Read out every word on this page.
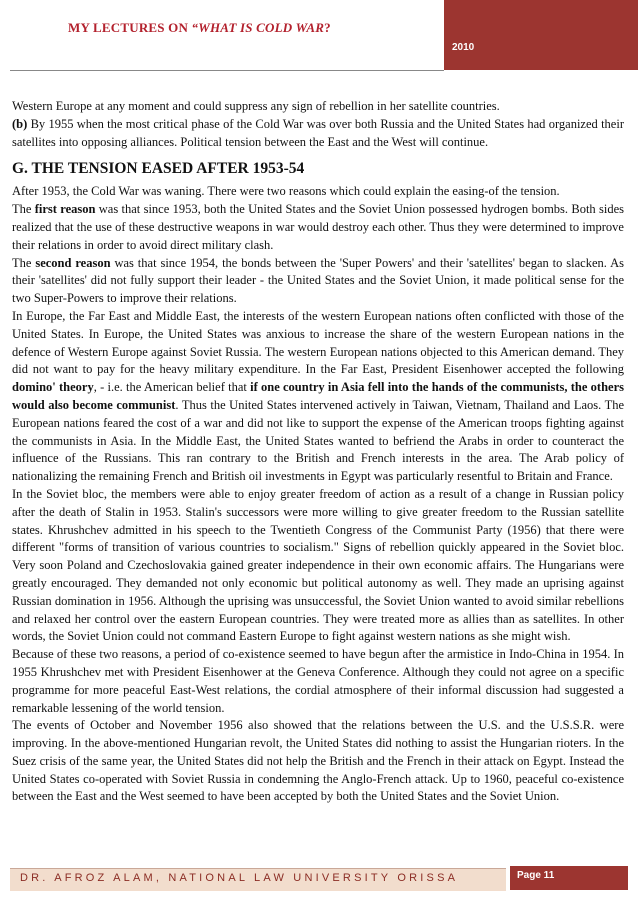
MY LECTURES ON “WHAT IS COLD WAR?
2010

Western Europe at any moment and could suppress any sign of rebellion in her satellite countries.

(b) By 1955 when the most critical phase of the Cold War was over both Russia and the United States had organized their satellites into opposing alliances. Political tension between the East and the West will continue.

G. THE TENSION EASED AFTER 1953-54

After 1953, the Cold War was waning. There were two reasons which could explain the easing-of the tension.

The first reason was that since 1953, both the United States and the Soviet Union possessed hydrogen bombs. Both sides realized that the use of these destructive weapons in war would destroy each other. Thus they were determined to improve their relations in order to avoid direct military clash.

The second reason was that since 1954, the bonds between the 'Super Powers' and their 'satellites' began to slacken. As their 'satellites' did not fully support their leader - the United States and the Soviet Union, it made political sense for the two Super-Powers to improve their relations.

In Europe, the Far East and Middle East, the interests of the western European nations often conflicted with those of the United States. In Europe, the United States was anxious to increase the share of the western European nations in the defence of Western Europe against Soviet Russia. The western European nations objected to this American demand. They did not want to pay for the heavy military expenditure. In the Far East, President Eisenhower accepted the following domino' theory, - i.e. the American belief that if one country in Asia fell into the hands of the communists, the others would also become communist. Thus the United States intervened actively in Taiwan, Vietnam, Thailand and Laos. The European nations feared the cost of a war and did not like to support the expense of the American troops fighting against the communists in Asia. In the Middle East, the United States wanted to befriend the Arabs in order to counteract the influence of the Russians. This ran contrary to the British and French interests in the area. The Arab policy of nationalizing the remaining French and British oil investments in Egypt was particularly resentful to Britain and France.

In the Soviet bloc, the members were able to enjoy greater freedom of action as a result of a change in Russian policy after the death of Stalin in 1953. Stalin's successors were more willing to give greater freedom to the Russian satellite states. Khrushchev admitted in his speech to the Twentieth Congress of the Communist Party (1956) that there were different "forms of transition of various countries to socialism." Signs of rebellion quickly appeared in the Soviet bloc. Very soon Poland and Czechoslovakia gained greater independence in their own economic affairs. The Hungarians were greatly encouraged. They demanded not only economic but political autonomy as well. They made an uprising against Russian domination in 1956. Although the uprising was unsuccessful, the Soviet Union wanted to avoid similar rebellions and relaxed her control over the eastern European countries. They were treated more as allies than as satellites. In other words, the Soviet Union could not command Eastern Europe to fight against western nations as she might wish.

Because of these two reasons, a period of co-existence seemed to have begun after the armistice in Indo-China in 1954. In 1955 Khrushchev met with President Eisenhower at the Geneva Conference. Although they could not agree on a specific programme for more peaceful East-West relations, the cordial atmosphere of their informal discussion had suggested a remarkable lessening of the world tension.

The events of October and November 1956 also showed that the relations between the U.S. and the U.S.S.R. were improving. In the above-mentioned Hungarian revolt, the United States did nothing to assist the Hungarian rioters. In the Suez crisis of the same year, the United States did not help the British and the French in their attack on Egypt. Instead the United States co-operated with Soviet Russia in condemning the Anglo-French attack. Up to 1960, peaceful co-existence between the East and the West seemed to have been accepted by both the United States and the Soviet Union.

DR. AFROZ ALAM, NATIONAL LAW UNIVERSITY ORISSA	Page 11
